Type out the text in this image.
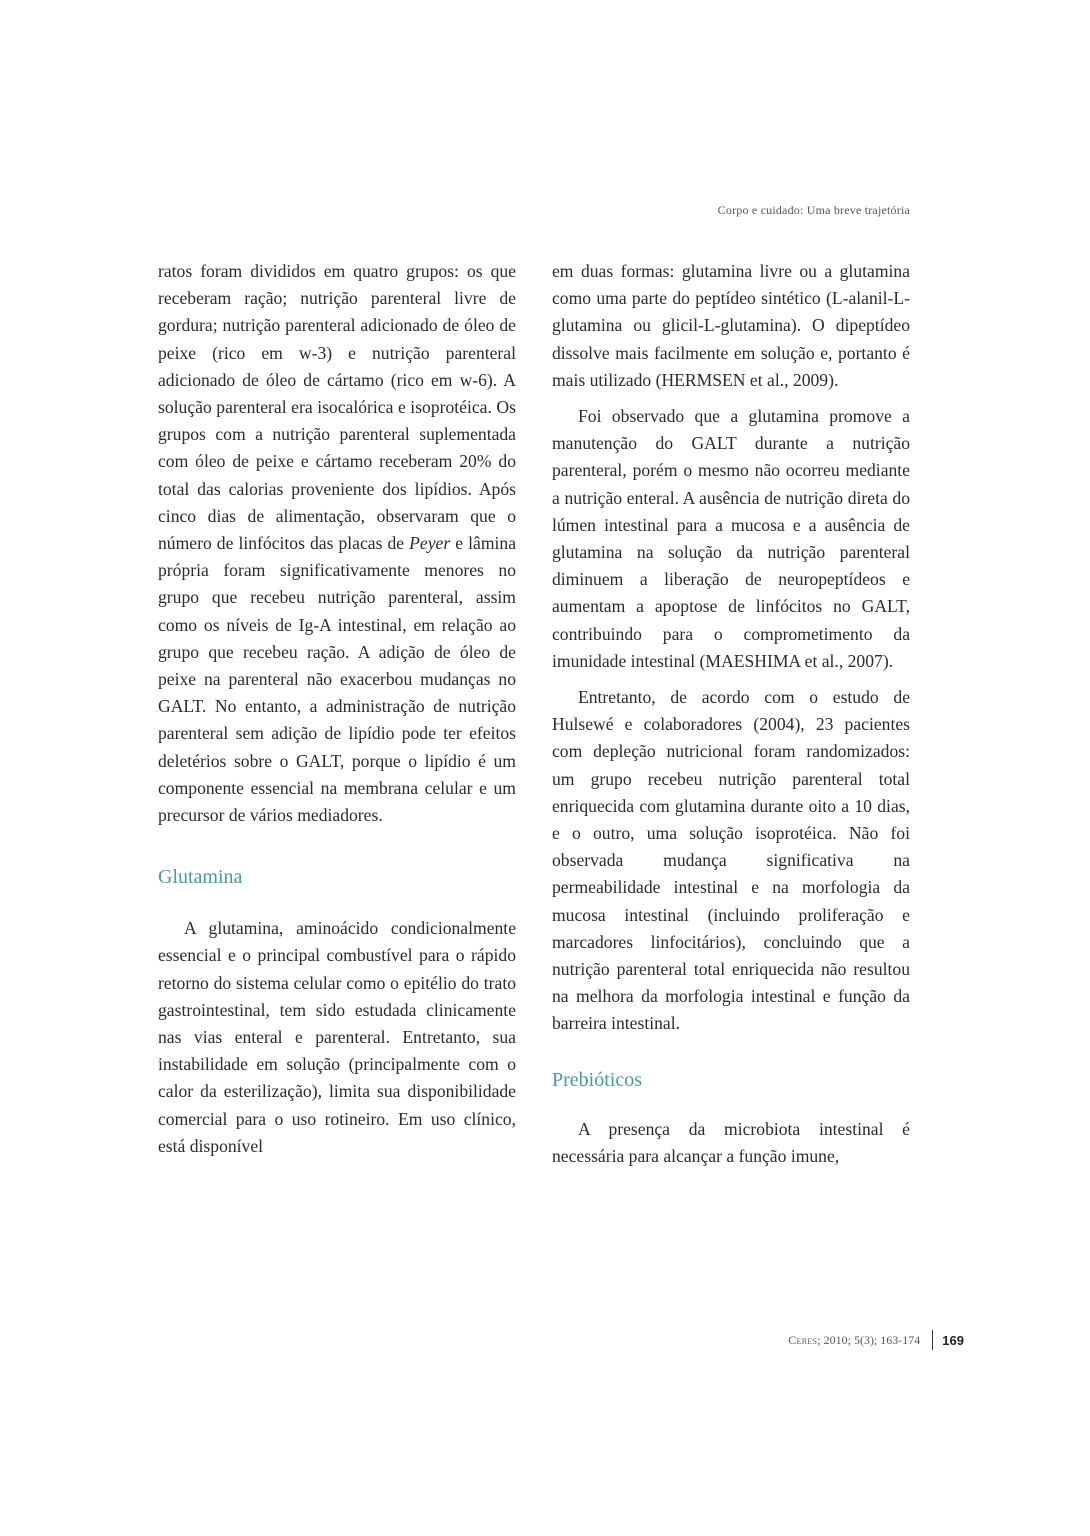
Corpo e cuidado: Uma breve trajetória

ratos foram divididos em quatro grupos: os que receberam ração; nutrição parenteral livre de gordura; nutrição parenteral adicionado de óleo de peixe (rico em w-3) e nutrição parenteral adicionado de óleo de cártamo (rico em w-6). A solução parenteral era isocalórica e isoprotéica. Os grupos com a nutrição parenteral suplementada com óleo de peixe e cártamo receberam 20% do total das calorias proveniente dos lipídios. Após cinco dias de alimentação, observaram que o número de linfócitos das placas de Peyer e lâmina própria foram significativamente menores no grupo que recebeu nutrição parenteral, assim como os níveis de Ig-A intestinal, em relação ao grupo que recebeu ração. A adição de óleo de peixe na parenteral não exacerbou mudanças no GALT. No entanto, a administração de nutrição parenteral sem adição de lipídio pode ter efeitos deletérios sobre o GALT, porque o lipídio é um componente essencial na membrana celular e um precursor de vários mediadores.

Glutamina

A glutamina, aminoácido condicionalmente essencial e o principal combustível para o rápido retorno do sistema celular como o epitélio do trato gastrointestinal, tem sido estudada clinicamente nas vias enteral e parenteral. Entretanto, sua instabilidade em solução (principalmente com o calor da esterilização), limita sua disponibilidade comercial para o uso rotineiro. Em uso clínico, está disponível

em duas formas: glutamina livre ou a glutamina como uma parte do peptídeo sintético (L-alanil-L-glutamina ou glicil-L-glutamina). O dipeptídeo dissolve mais facilmente em solução e, portanto é mais utilizado (HERMSEN et al., 2009).

Foi observado que a glutamina promove a manutenção do GALT durante a nutrição parenteral, porém o mesmo não ocorreu mediante a nutrição enteral. A ausência de nutrição direta do lúmen intestinal para a mucosa e a ausência de glutamina na solução da nutrição parenteral diminuem a liberação de neuropeptídeos e aumentam a apoptose de linfócitos no GALT, contribuindo para o comprometimento da imunidade intestinal (MAESHIMA et al., 2007).

Entretanto, de acordo com o estudo de Hulsewé e colaboradores (2004), 23 pacientes com depleção nutricional foram randomizados: um grupo recebeu nutrição parenteral total enriquecida com glutamina durante oito a 10 dias, e o outro, uma solução isoprotéica. Não foi observada mudança significativa na permeabilidade intestinal e na morfologia da mucosa intestinal (incluindo proliferação e marcadores linfocitários), concluindo que a nutrição parenteral total enriquecida não resultou na melhora da morfologia intestinal e função da barreira intestinal.

Prebióticos

A presença da microbiota intestinal é necessária para alcançar a função imune,

Ceres ; 2010; 5(3); 163-174 169
